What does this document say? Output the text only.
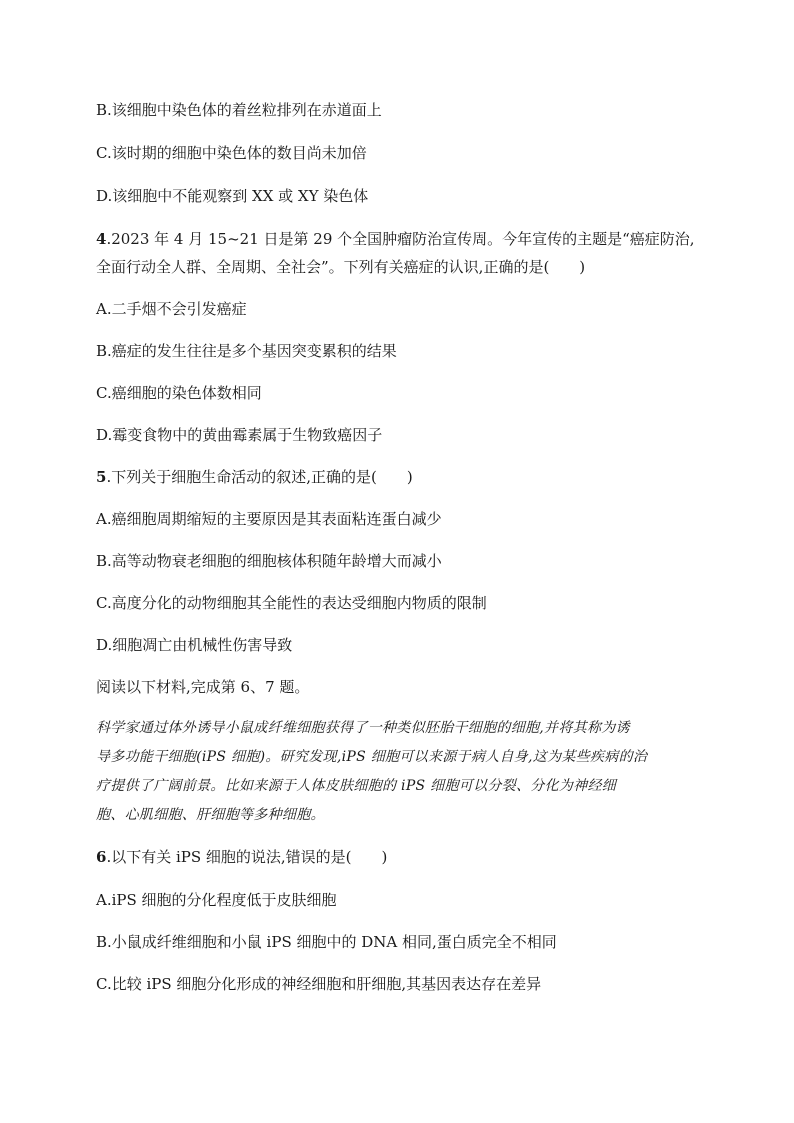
B.该细胞中染色体的着丝粒排列在赤道面上
C.该时期的细胞中染色体的数目尚未加倍
D.该细胞中不能观察到 XX 或 XY 染色体
4.2023 年 4 月 15~21 日是第 29 个全国肿瘤防治宣传周。今年宣传的主题是“癌症防治,
全面行动全人群、全周期、全社会”。下列有关癌症的认识,正确的是(　　)
A.二手烟不会引发癌症
B.癌症的发生往往是多个基因突变累积的结果
C.癌细胞的染色体数相同
D.霉变食物中的黄曲霉素属于生物致癌因子
5.下列关于细胞生命活动的叙述,正确的是(　　)
A.癌细胞周期缩短的主要原因是其表面粘连蛋白减少
B.高等动物衰老细胞的细胞核体积随年龄增大而减小
C.高度分化的动物细胞其全能性的表达受细胞内物质的限制
D.细胞凋亡由机械性伤害导致
阅读以下材料,完成第 6、7 题。
科学家通过体外诱导小鼠成纤维细胞获得了一种类似胚胎干细胞的细胞,并将其称为诱
导多功能干细胞(iPS 细胞)。研究发现,iPS 细胞可以来源于病人自身,这为某些疾病的治
疗提供了广阔前景。比如来源于人体皮肤细胞的 iPS 细胞可以分裂、分化为神经细
胞、心肌细胞、肝细胞等多种细胞。
6.以下有关 iPS 细胞的说法,错误的是(　　)
A.iPS 细胞的分化程度低于皮肤细胞
B.小鼠成纤维细胞和小鼠 iPS 细胞中的 DNA 相同,蛋白质完全不相同
C.比较 iPS 细胞分化形成的神经细胞和肝细胞,其基因表达存在差异
